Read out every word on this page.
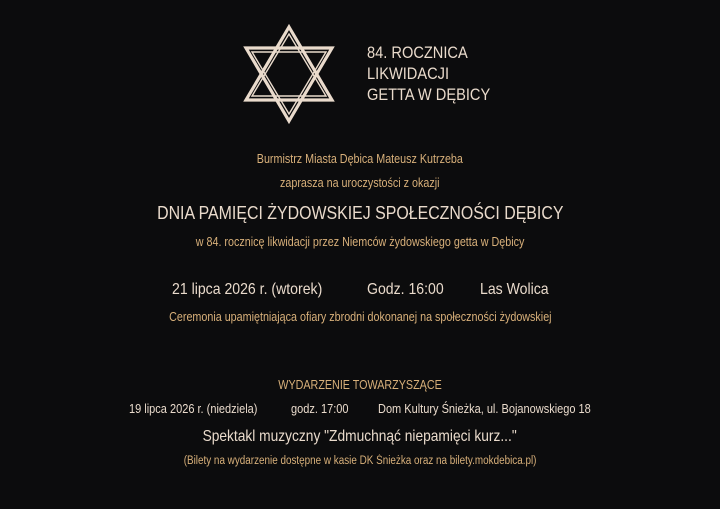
84. ROCZNICA
LIKWIDACJI
GETTA W DĘBICY
Burmistrz Miasta Dębica Mateusz Kutrzeba
zaprasza na uroczystości z okazji
DNIA PAMIĘCI ŻYDOWSKIEJ SPOŁECZNOŚCI DĘBICY
w 84. rocznicę likwidacji przez Niemców żydowskiego getta w Dębicy
21 lipca 2026 r. (wtorek)	Godz. 16:00 Las Wolica
Ceremonia upamiętniająca ofiary zbrodni dokonanej na społeczności żydowskiej
WYDARZENIE TOWARZYSZĄCE
19 lipca 2026 r. (niedziela)	godz. 17:00 Dom Kultury Śnieżka, ul. Bojanowskiego 18
Spektakl muzyczny "Zdmuchnąć niepamięci kurz..."
(Bilety na wydarzenie dostępne w kasie DK Śnieżka oraz na bilety.mokdebica.pl)
